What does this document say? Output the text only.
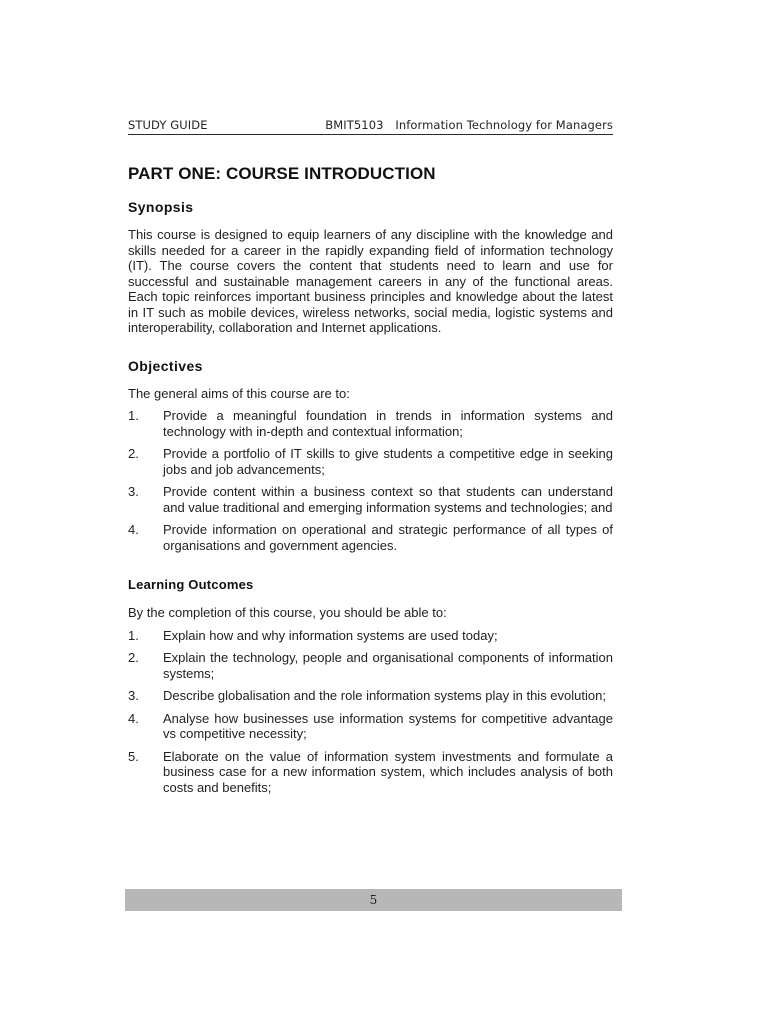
STUDY GUIDE	BMIT5103 Information Technology for Managers
PART ONE: COURSE INTRODUCTION
Synopsis

This course is designed to equip learners of any discipline with the knowledge and skills needed for a career in the rapidly expanding field of information technology (IT). The course covers the content that students need to learn and use for successful and sustainable management careers in any of the functional areas. Each topic reinforces important business principles and knowledge about the latest in IT such as mobile devices, wireless networks, social media, logistic systems and interoperability, collaboration and Internet applications.

Objectives

The general aims of this course are to:

1. Provide a meaningful foundation in trends in information systems and technology with in-depth and contextual information;
2. Provide a portfolio of IT skills to give students a competitive edge in seeking jobs and job advancements;
3. Provide content within a business context so that students can understand and value traditional and emerging information systems and technologies; and
4. Provide information on operational and strategic performance of all types of organisations and government agencies.
Learning Outcomes

By the completion of this course, you should be able to:

1. Explain how and why information systems are used today;
2. Explain the technology, people and organisational components of information systems;
3. Describe globalisation and the role information systems play in this evolution;
4. Analyse how businesses use information systems for competitive advantage vs competitive necessity;
5. Elaborate on the value of information system investments and formulate a business case for a new information system, which includes analysis of both costs and benefits;
5
